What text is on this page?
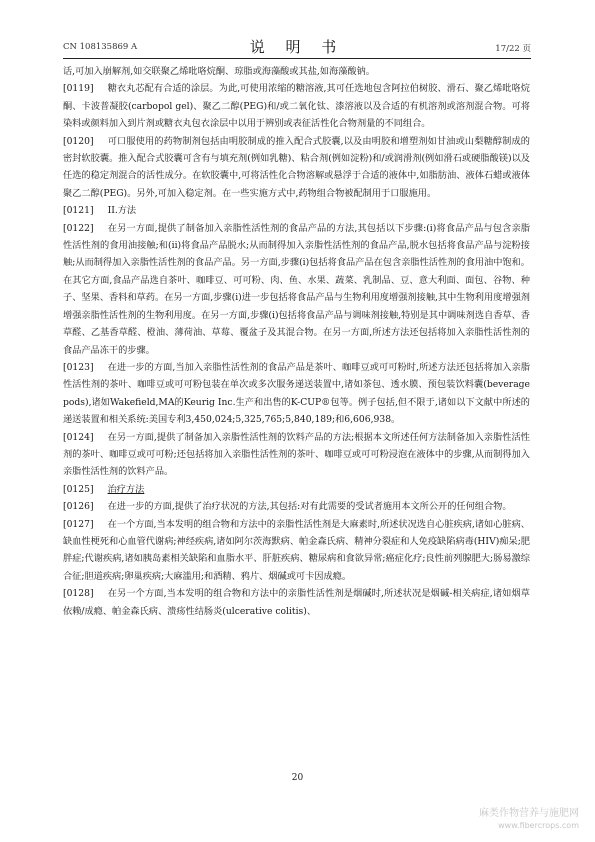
CN 108135869 A	说 明 书	17/22 页

话,可加入崩解剂,如交联聚乙烯吡咯烷酮、琼脂或海藻酸或其盐,如海藻酸钠。

[0119] 糖衣丸芯配有合适的涂层。为此,可使用浓缩的糖溶液,其可任选地包含阿拉伯树胶、滑石、聚乙烯吡咯烷酮、卡波普凝胶(carbopol gel)、聚乙二醇(PEG)和/或二氧化钛、漆溶液以及合适的有机溶剂或溶剂混合物。可将染料或颜料加入到片剂或糖衣丸包衣涂层中以用于辨别或表征活性化合物剂量的不同组合。

[0120] 可口服使用的药物制剂包括由明胶制成的推入配合式胶囊,以及由明胶和增塑剂如甘油或山梨糖醇制成的密封软胶囊。推入配合式胶囊可含有与填充剂(例如乳糖)、粘合剂(例如淀粉)和/或润滑剂(例如滑石或硬脂酸镁)以及任选的稳定剂混合的活性成分。在软胶囊中,可将活性化合物溶解或悬浮于合适的液体中,如脂肪油、液体石蜡或液体聚乙二醇(PEG)。另外,可加入稳定剂。在一些实施方式中,药物组合物被配制用于口服施用。

[0121] II.方法

[0122] 在另一方面,提供了制备加入亲脂性活性剂的食品产品的方法,其包括以下步骤:(i)将食品产品与包含亲脂性活性剂的食用油接触;和(ii)将食品产品脱水;从而制得加入亲脂性活性剂的食品产品,脱水包括将食品产品与淀粉接触;从而制得加入亲脂性活性剂的食品产品。另一方面,步骤(i)包括将食品产品在包含亲脂性活性剂的食用油中饱和。在其它方面,食品产品选自茶叶、咖啡豆、可可粉、肉、鱼、水果、蔬菜、乳制品、豆、意大利面、面包、谷物、种子、坚果、香料和草药。在另一方面,步骤(i)进一步包括将食品产品与生物利用度增强剂接触,其中生物利用度增强剂增强亲脂性活性剂的生物利用度。在另一方面,步骤(i)包括将食品产品与调味剂接触,特别是其中调味剂选自香草、香草醛、乙基香草醛、橙油、薄荷油、草莓、覆盆子及其混合物。在另一方面,所述方法还包括将加入亲脂性活性剂的食品产品冻干的步骤。

[0123] 在进一步的方面,当加入亲脂性活性剂的食品产品是茶叶、咖啡豆或可可粉时,所述方法还包括将加入亲脂性活性剂的茶叶、咖啡豆或可可粉包装在单次或多次服务递送装置中,诸如茶包、透水膜、预包装饮料囊(beverage pods),诸如Wakefield,MA的Keurig Inc.生产和出售的K-CUP®包等。例子包括,但不限于,诸如以下文献中所述的递送装置和相关系统:美国专利3,450,024;5,325,765;5,840,189;和6,606,938。

[0124] 在另一方面,提供了制备加入亲脂性活性剂的饮料产品的方法;根据本文所述任何方法制备加入亲脂性活性剂的茶叶、咖啡豆或可可粉;还包括将加入亲脂性活性剂的茶叶、咖啡豆或可可粉浸泡在液体中的步骤,从而制得加入亲脂性活性剂的饮料产品。

[0125] 治疗方法

[0126] 在进一步的方面,提供了治疗状况的方法,其包括:对有此需要的受试者施用本文所公开的任何组合物。

[0127] 在一个方面,当本发明的组合物和方法中的亲脂性活性剂是大麻素时,所述状况选自心脏疾病,诸如心脏病、缺血性梗死和心血管代谢病;神经疾病,诸如阿尔茨海默病、帕金森氏病、精神分裂症和人免疫缺陷病毒(HIV)痴呆;肥胖症;代谢疾病,诸如胰岛素相关缺陷和血脂水平、肝脏疾病、糖尿病和食欲异常;癌症化疗;良性前列腺肥大;肠易激综合征;胆道疾病;卵巢疾病;大麻滥用;和酒精、鸦片、烟碱或可卡因成瘾。

[0128] 在另一个方面,当本发明的组合物和方法中的亲脂性活性剂是烟碱时,所述状况是烟碱-相关病症,诸如烟草依赖/成瘾、帕金森氏病、溃疡性结肠炎(ulcerative colitis)、

20
麻类作物营养与施肥网
www.fibercrops.com
